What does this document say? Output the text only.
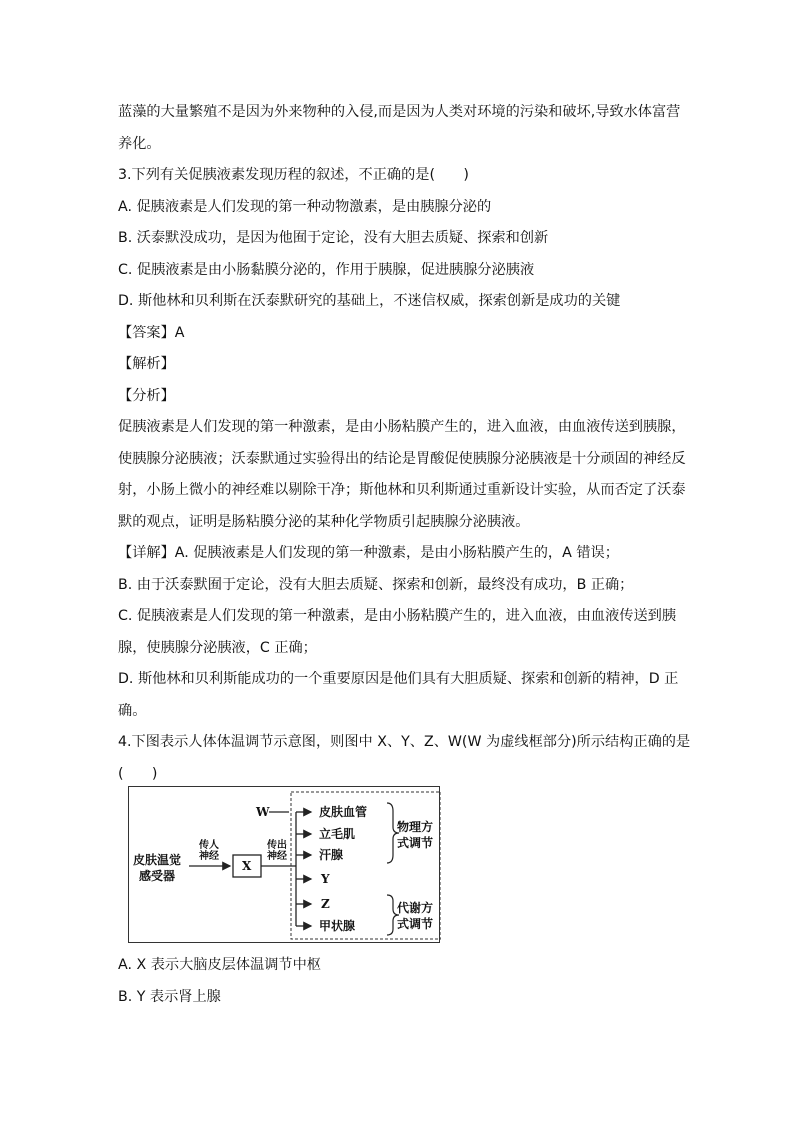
蓝藻的大量繁殖不是因为外来物种的入侵,而是因为人类对环境的污染和破坏,导致水体富营
养化。
3.下列有关促胰液素发现历程的叙述，不正确的是(　　)
A. 促胰液素是人们发现的第一种动物激素，是由胰腺分泌的
B. 沃泰默没成功，是因为他囿于定论，没有大胆去质疑、探索和创新
C. 促胰液素是由小肠黏膜分泌的，作用于胰腺，促进胰腺分泌胰液
D. 斯他林和贝利斯在沃泰默研究的基础上，不迷信权威，探索创新是成功的关键
【答案】A
【解析】
【分析】
促胰液素是人们发现的第一种激素，是由小肠粘膜产生的，进入血液，由血液传送到胰腺，
使胰腺分泌胰液；沃泰默通过实验得出的结论是胃酸促使胰腺分泌胰液是十分顽固的神经反
射，小肠上微小的神经难以剔除干净；斯他林和贝利斯通过重新设计实验，从而否定了沃泰
默的观点，证明是肠粘膜分泌的某种化学物质引起胰腺分泌胰液。
【详解】A. 促胰液素是人们发现的第一种激素，是由小肠粘膜产生的，A 错误；
B. 由于沃泰默囿于定论，没有大胆去质疑、探索和创新，最终没有成功，B 正确；
C. 促胰液素是人们发现的第一种激素，是由小肠粘膜产生的，进入血液，由血液传送到胰
腺，使胰腺分泌胰液，C 正确；
D. 斯他林和贝利斯能成功的一个重要原因是他们具有大胆质疑、探索和创新的精神，D 正
确。
4.下图表示人体体温调节示意图，则图中 X、Y、Z、W(W 为虚线框部分)所示结构正确的是
(　　)
皮肤温觉
感受器
传人
神经
X
传出
神经
W	皮肤血管
立毛肌
汗腺
Y
Z
甲状腺
物理方
式调节
代谢方
式调节
A. X 表示大脑皮层体温调节中枢
B. Y 表示肾上腺
